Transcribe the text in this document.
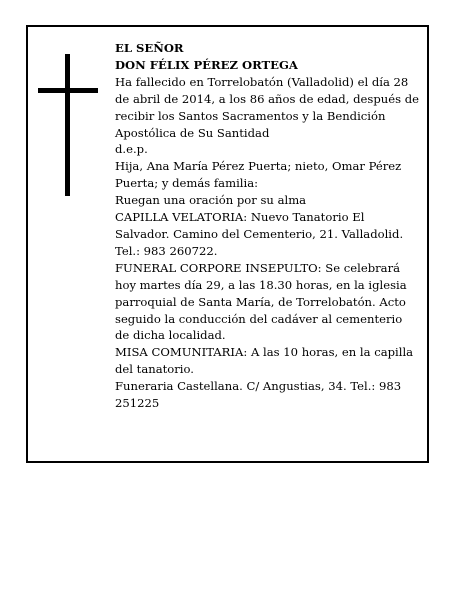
EL SEÑOR

DON FÉLIX PÉREZ ORTEGA

Ha fallecido en Torrelobatón (Valladolid) el día 28 de abril de 2014, a los 86 años de edad, después de recibir los Santos Sacramentos y la Bendición Apostólica de Su Santidad

d.e.p.

Hija, Ana María Pérez Puerta; nieto, Omar Pérez Puerta; y demás familia:

Ruegan una oración por su alma

CAPILLA VELATORIA: Nuevo Tanatorio El Salvador. Camino del Cementerio, 21. Valladolid. Tel.: 983 260722.

FUNERAL CORPORE INSEPULTO: Se celebrará hoy martes día 29, a las 18.30 horas, en la iglesia parroquial de Santa María, de Torrelobatón. Acto seguido la conducción del cadáver al cementerio de dicha localidad.

MISA COMUNITARIA: A las 10 horas, en la capilla del tanatorio.

Funeraria Castellana. C/ Angustias, 34. Tel.: 983 251225
